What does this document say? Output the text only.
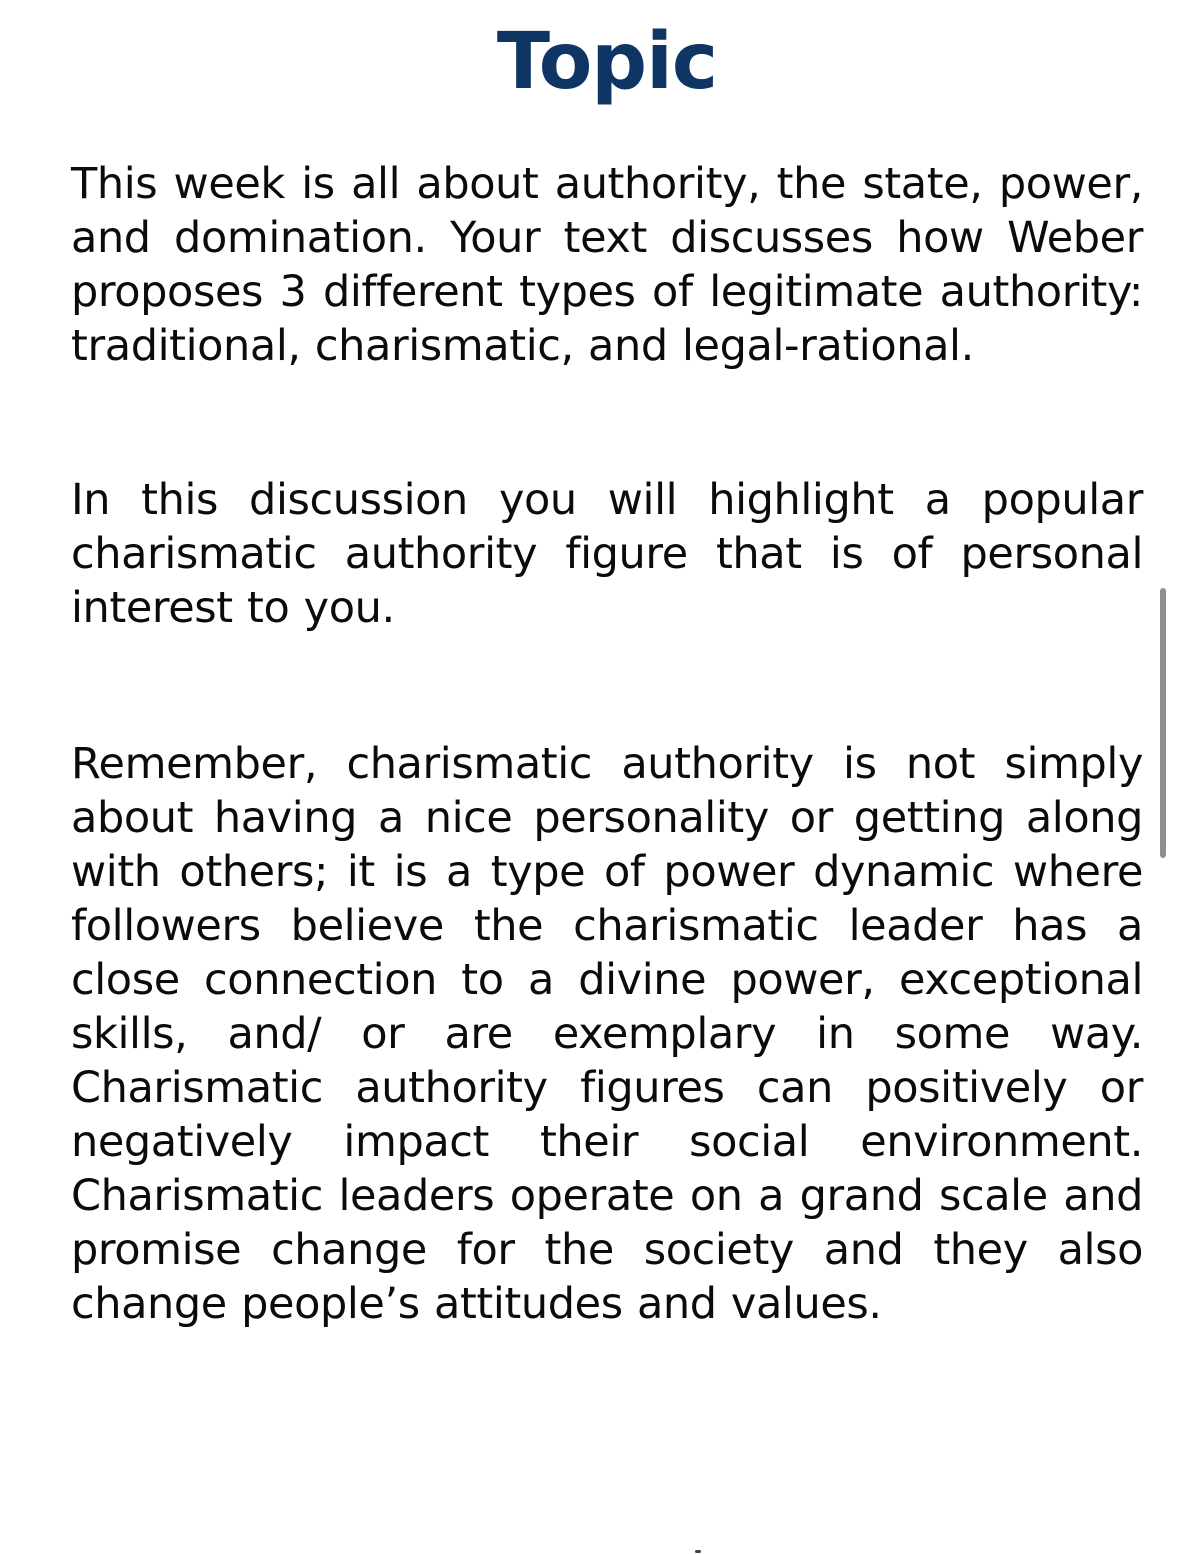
Topic

This week is all about authority, the state, power, and domination. Your text discusses how Weber proposes 3 different types of legitimate authority: traditional, charismatic, and legal-rational.

In this discussion you will highlight a popular charismatic authority figure that is of personal interest to you.

Remember, charismatic authority is not simply about having a nice personality or getting along with others; it is a type of power dynamic where followers believe the charismatic leader has a close connection to a divine power, exceptional skills, and/ or are exemplary in some way. Charismatic authority figures can positively or negatively impact their social environment. Charismatic leaders operate on a grand scale and promise change for the society and they also change people’s attitudes and values.
